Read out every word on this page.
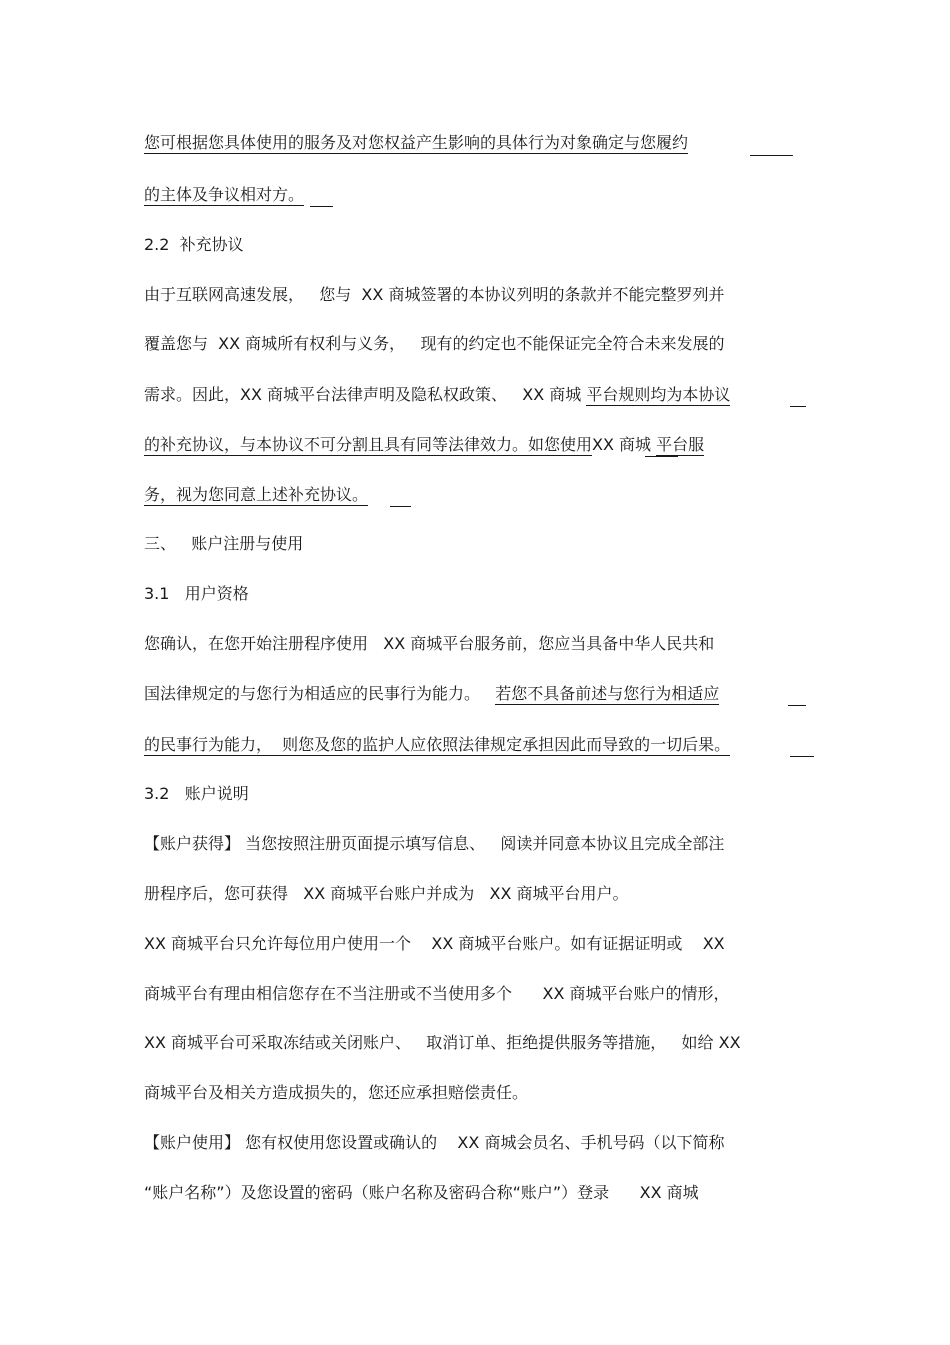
您可根据您具体使用的服务及对您权益产生影响的具体行为对象确定与您履约
的主体及争议相对方。
2.2  补充协议
由于互联网高速发展，   您与  XX 商城签署的本协议列明的条款并不能完整罗列并
覆盖您与  XX 商城所有权利与义务，   现有的约定也不能保证完全符合未来发展的
需求。因此，XX 商城平台法律声明及隐私权政策、   XX 商城 平台规则均为本协议
的补充协议，与本协议不可分割且具有同等法律效力。如您使用XX 商城 平台服
务，视为您同意上述补充协议。
三、   账户注册与使用
3.1   用户资格
您确认，在您开始注册程序使用   XX 商城平台服务前，您应当具备中华人民共和
国法律规定的与您行为相适应的民事行为能力。   若您不具备前述与您行为相适应
的民事行为能力，  则您及您的监护人应依照法律规定承担因此而导致的一切后果。
3.2   账户说明
【账户获得】 当您按照注册页面提示填写信息、   阅读并同意本协议且完成全部注
册程序后，您可获得   XX 商城平台账户并成为   XX 商城平台用户。
XX 商城平台只允许每位用户使用一个    XX 商城平台账户。如有证据证明或    XX
商城平台有理由相信您存在不当注册或不当使用多个      XX 商城平台账户的情形，
XX 商城平台可采取冻结或关闭账户、   取消订单、拒绝提供服务等措施，   如给 XX
商城平台及相关方造成损失的，您还应承担赔偿责任。
【账户使用】 您有权使用您设置或确认的    XX 商城会员名、手机号码（以下简称
“账户名称”）及您设置的密码（账户名称及密码合称“账户”）登录      XX 商城
